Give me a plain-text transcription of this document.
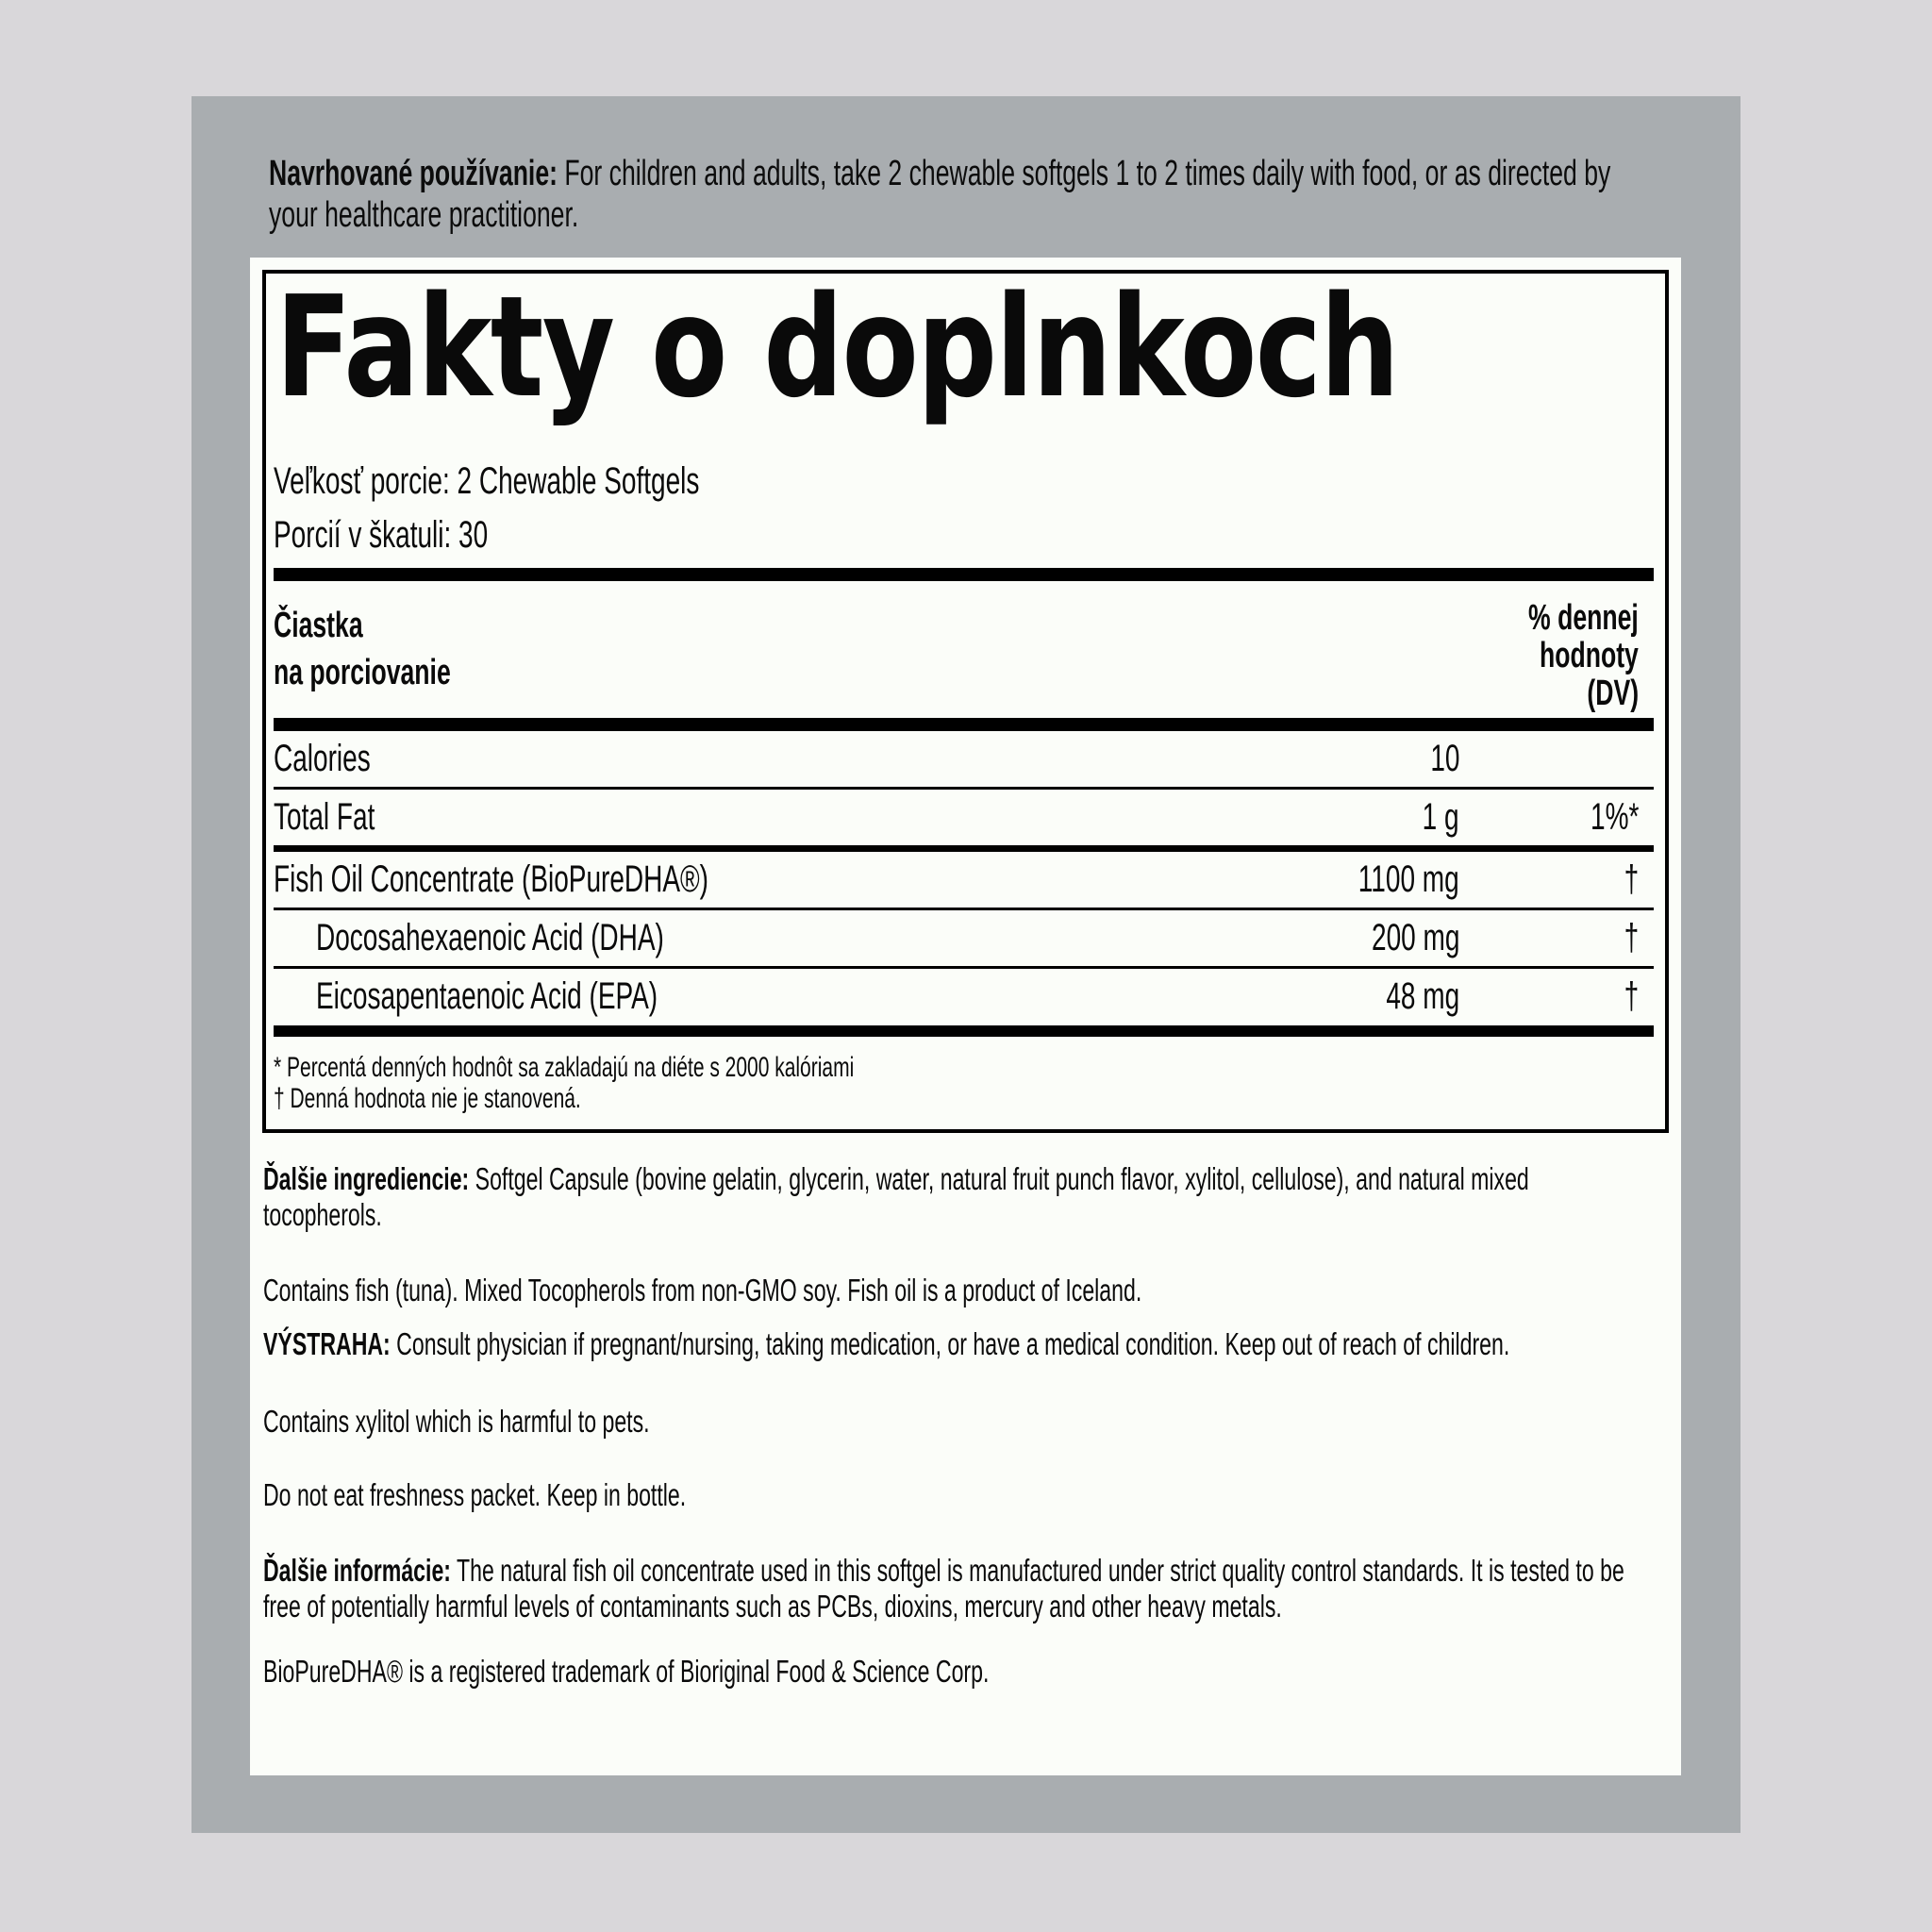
Navrhované používanie: For children and adults, take 2 chewable softgels 1 to 2 times daily with food, or as directed by your healthcare practitioner.
Fakty o doplnkoch
Veľkosť porcie: 2 Chewable Softgels
Porcií v škatuli: 30
Čiastka
na porciovanie
% dennej
hodnoty
(DV)
Calories	10
Total Fat	1 g	1%*
Fish Oil Concentrate (BioPureDHA®)	1100 mg	†
Docosahexaenoic Acid (DHA)	200 mg	†
Eicosapentaenoic Acid (EPA)	48 mg	†
* Percentá denných hodnôt sa zakladajú na diéte s 2000 kalóriami
† Denná hodnota nie je stanovená.
Ďalšie ingrediencie: Softgel Capsule (bovine gelatin, glycerin, water, natural fruit punch flavor, xylitol, cellulose), and natural mixed tocopherols.
Contains fish (tuna). Mixed Tocopherols from non-GMO soy. Fish oil is a product of Iceland.
VÝSTRAHA: Consult physician if pregnant/nursing, taking medication, or have a medical condition. Keep out of reach of children.
Contains xylitol which is harmful to pets.
Do not eat freshness packet. Keep in bottle.
Ďalšie informácie: The natural fish oil concentrate used in this softgel is manufactured under strict quality control standards. It is tested to be free of potentially harmful levels of contaminants such as PCBs, dioxins, mercury and other heavy metals.
BioPureDHA® is a registered trademark of Bioriginal Food & Science Corp.
